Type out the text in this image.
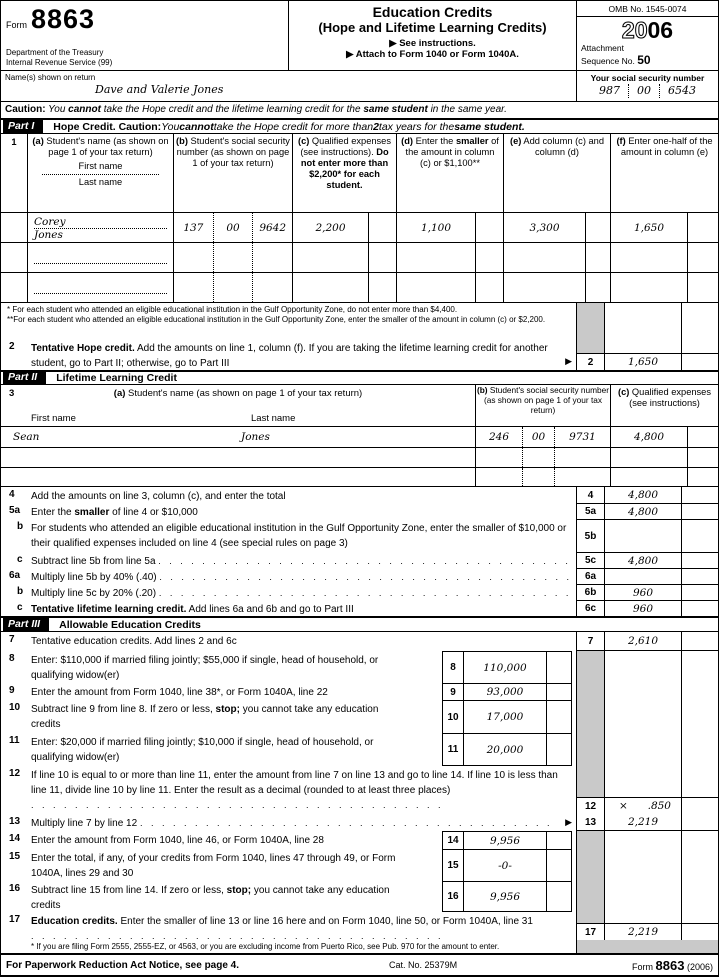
Form 8863
Department of the Treasury
Internal Revenue Service (99)
Education Credits
(Hope and Lifetime Learning Credits)
▶ See instructions.
▶ Attach to Form 1040 or Form 1040A.
OMB No. 1545-0074
2006
Attachment
Sequence No. 50
Name(s) shown on return
Dave and Valerie Jones
Your social security number
987	00	6543
Caution: You cannot take the Hope credit and the lifetime learning credit for the same student in the same year.
Part I	Hope Credit. Caution: You cannot take the Hope credit for more than 2 tax years for the same student.
1	(a) Student's name (as shown on page 1 of your tax return)
First name
Last name
(b) Student's social security number (as shown on page 1 of your tax return)
(c) Qualified expenses (see instructions). Do not enter more than $2,200* for each student.
(d) Enter the smaller of the amount in column (c) or $1,100**
(e) Add column (c) and column (d)
(f) Enter one-half of the amount in column (e)
Corey
Jones
137	00	9642	2,200	1,100	3,300	1,650
* For each student who attended an eligible educational institution in the Gulf Opportunity Zone, do not enter more than $4,400.
**For each student who attended an eligible educational institution in the Gulf Opportunity Zone, enter the smaller of the amount in column (c) or $2,200.
2	Tentative Hope credit. Add the amounts on line 1, column (f). If you are taking the lifetime learning credit for another student, go to Part II; otherwise, go to Part III	▶	2	1,650
Part II	Lifetime Learning Credit
3	(a) Student's name (as shown on page 1 of your tax return)
First name	Last name
(b) Student's social security number (as shown on page 1 of your tax return)
(c) Qualified expenses (see instructions)
Sean	Jones	246	00	9731	4,800
4	Add the amounts on line 3, column (c), and enter the total	4	4,800
5a	Enter the smaller of line 4 or $10,000	5a	4,800
b For students who attended an eligible educational institution in the Gulf Opportunity Zone, enter the smaller of $10,000 or their qualified expenses included on line 4 (see special rules on page 3)
5b
c Subtract line 5b from line 5a . . . . . . . . . . . . . . . . . . . . . . . . . . . . . . . . . . . . . .	5c	4,800
6a	Multiply line 5b by 40% (.40) . . . . . . . . . . . . . . . . . . . . . . . . . . . . . . . . . . . . . .	6a
b Multiply line 5c by 20% (.20) . . . . . . . . . . . . . . . . . . . . . . . . . . . . . . . . . . . . . .	6b	960
c Tentative lifetime learning credit. Add lines 6a and 6b and go to Part III	6c	960
Part III	Allowable Education Credits
7	Tentative education credits. Add lines 2 and 6c	7	2,610
8	Enter: $110,000 if married filing jointly; $55,000 if single, head of household, or qualifying widow(er)
8	110,000
9	Enter the amount from Form 1040, line 38*, or Form 1040A, line 22	9	93,000
10	Subtract line 9 from line 8. If zero or less, stop; you cannot take any education credits
10	17,000
11	Enter: $20,000 if married filing jointly; $10,000 if single, head of household, or qualifying widow(er)
11	20,000
12	If line 10 is equal to or more than line 11, enter the amount from line 7 on line 13 and go to line 14. If line 10 is less than line 11, divide line 10 by line 11. Enter the result as a decimal (rounded to at least three places) . . . . . . . . . . . . . . . . . . . . . . . . . . . . . . . . . . . . . .	12	× .850
13	Multiply line 7 by line 12 . . . . . . . . . . . . . . . . . . . . . . . . . . . . . . . . . . . . . . ▶	13	2,219
14	Enter the amount from Form 1040, line 46, or Form 1040A, line 28	14	9,956
15	Enter the total, if any, of your credits from Form 1040, lines 47 through 49, or Form 1040A, lines 29 and 30
15	-0-
16	Subtract line 15 from line 14. If zero or less, stop; you cannot take any education credits
16	9,956
17	Education credits. Enter the smaller of line 13 or line 16 here and on Form 1040, line 50, or Form 1040A, line 31 . . . . . . . . . . . . . . . . . . . . . . . . . . . . . . . . . . . . . .	17	2,219
* If you are filing Form 2555, 2555-EZ, or 4563, or you are excluding income from Puerto Rico, see Pub. 970 for the amount to enter.
For Paperwork Reduction Act Notice, see page 4.	Cat. No. 25379M	Form 8863 (2006)
